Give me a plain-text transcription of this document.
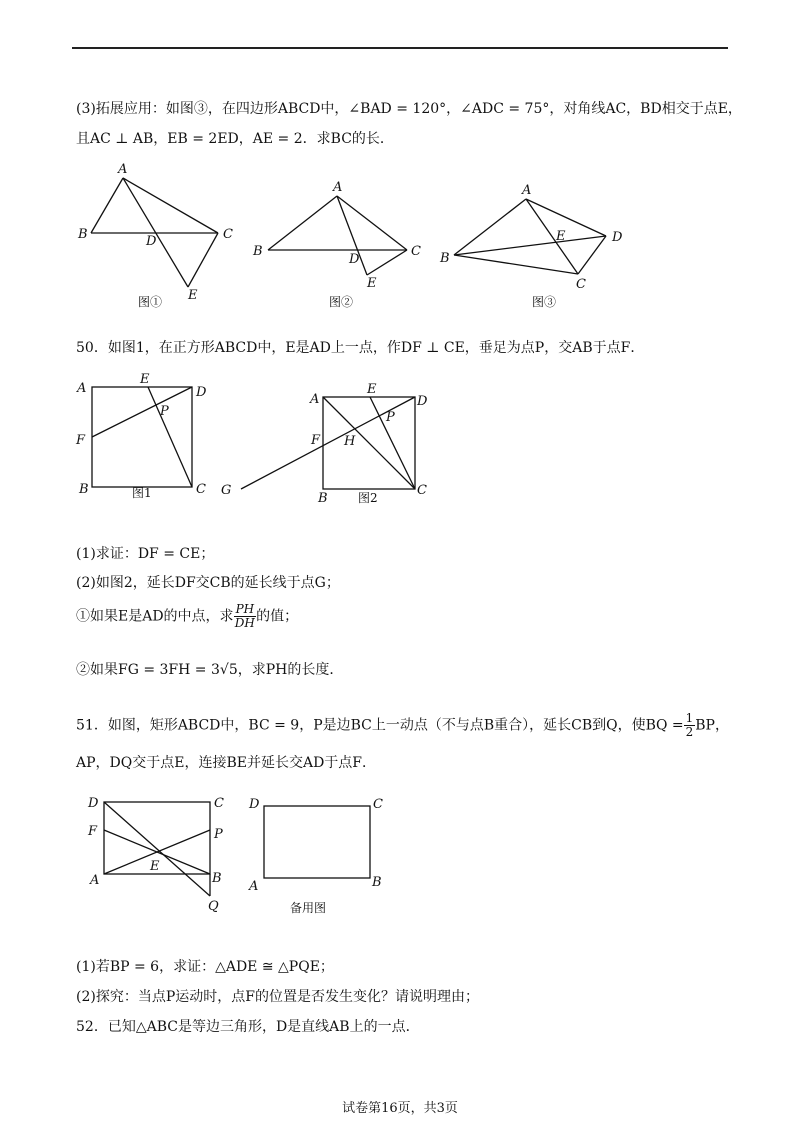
(3)拓展应用：如图③，在四边形ABCD中，∠BAD = 120°，∠ADC = 75°，对角线AC，BD相交于点E，
且AC ⊥ AB，EB = 2ED，AE = 2．求BC的长．
A
B	C
D
E
图①
A
B	C
D
E
图②
A
B
C
D
E
图③
50．如图1，在正方形ABCD中，E是AD上一点，作DF ⊥ CE，垂足为点P，交AB于点F．
A	D
E
P
F
B	C
图1
A	D
E
P
F H
G
B
C
图2
(1)求证：DF = CE；
(2)如图2，延长DF交CB的延长线于点G；
①如果E是AD的中点，求 $\frac{PH}{DH}$ 的值；
②如果FG = 3FH = 3√5，求PH的长度．
51．如图，矩形ABCD中，BC = 9，P是边BC上一动点（不与点B重合），延长CB到Q，使BQ = $\frac{1}{2}$ BP，
AP，DQ交于点E，连接BE并延长交AD于点F．
D	C
F	P
E
A	B
Q
D	C
A	B
备用图
(1)若BP = 6，求证：△ADE ≅ △PQE；
(2)探究：当点P运动时，点F的位置是否发生变化？请说明理由；
52．已知△ABC是等边三角形，D是直线AB上的一点．
试卷第16页，共3页
